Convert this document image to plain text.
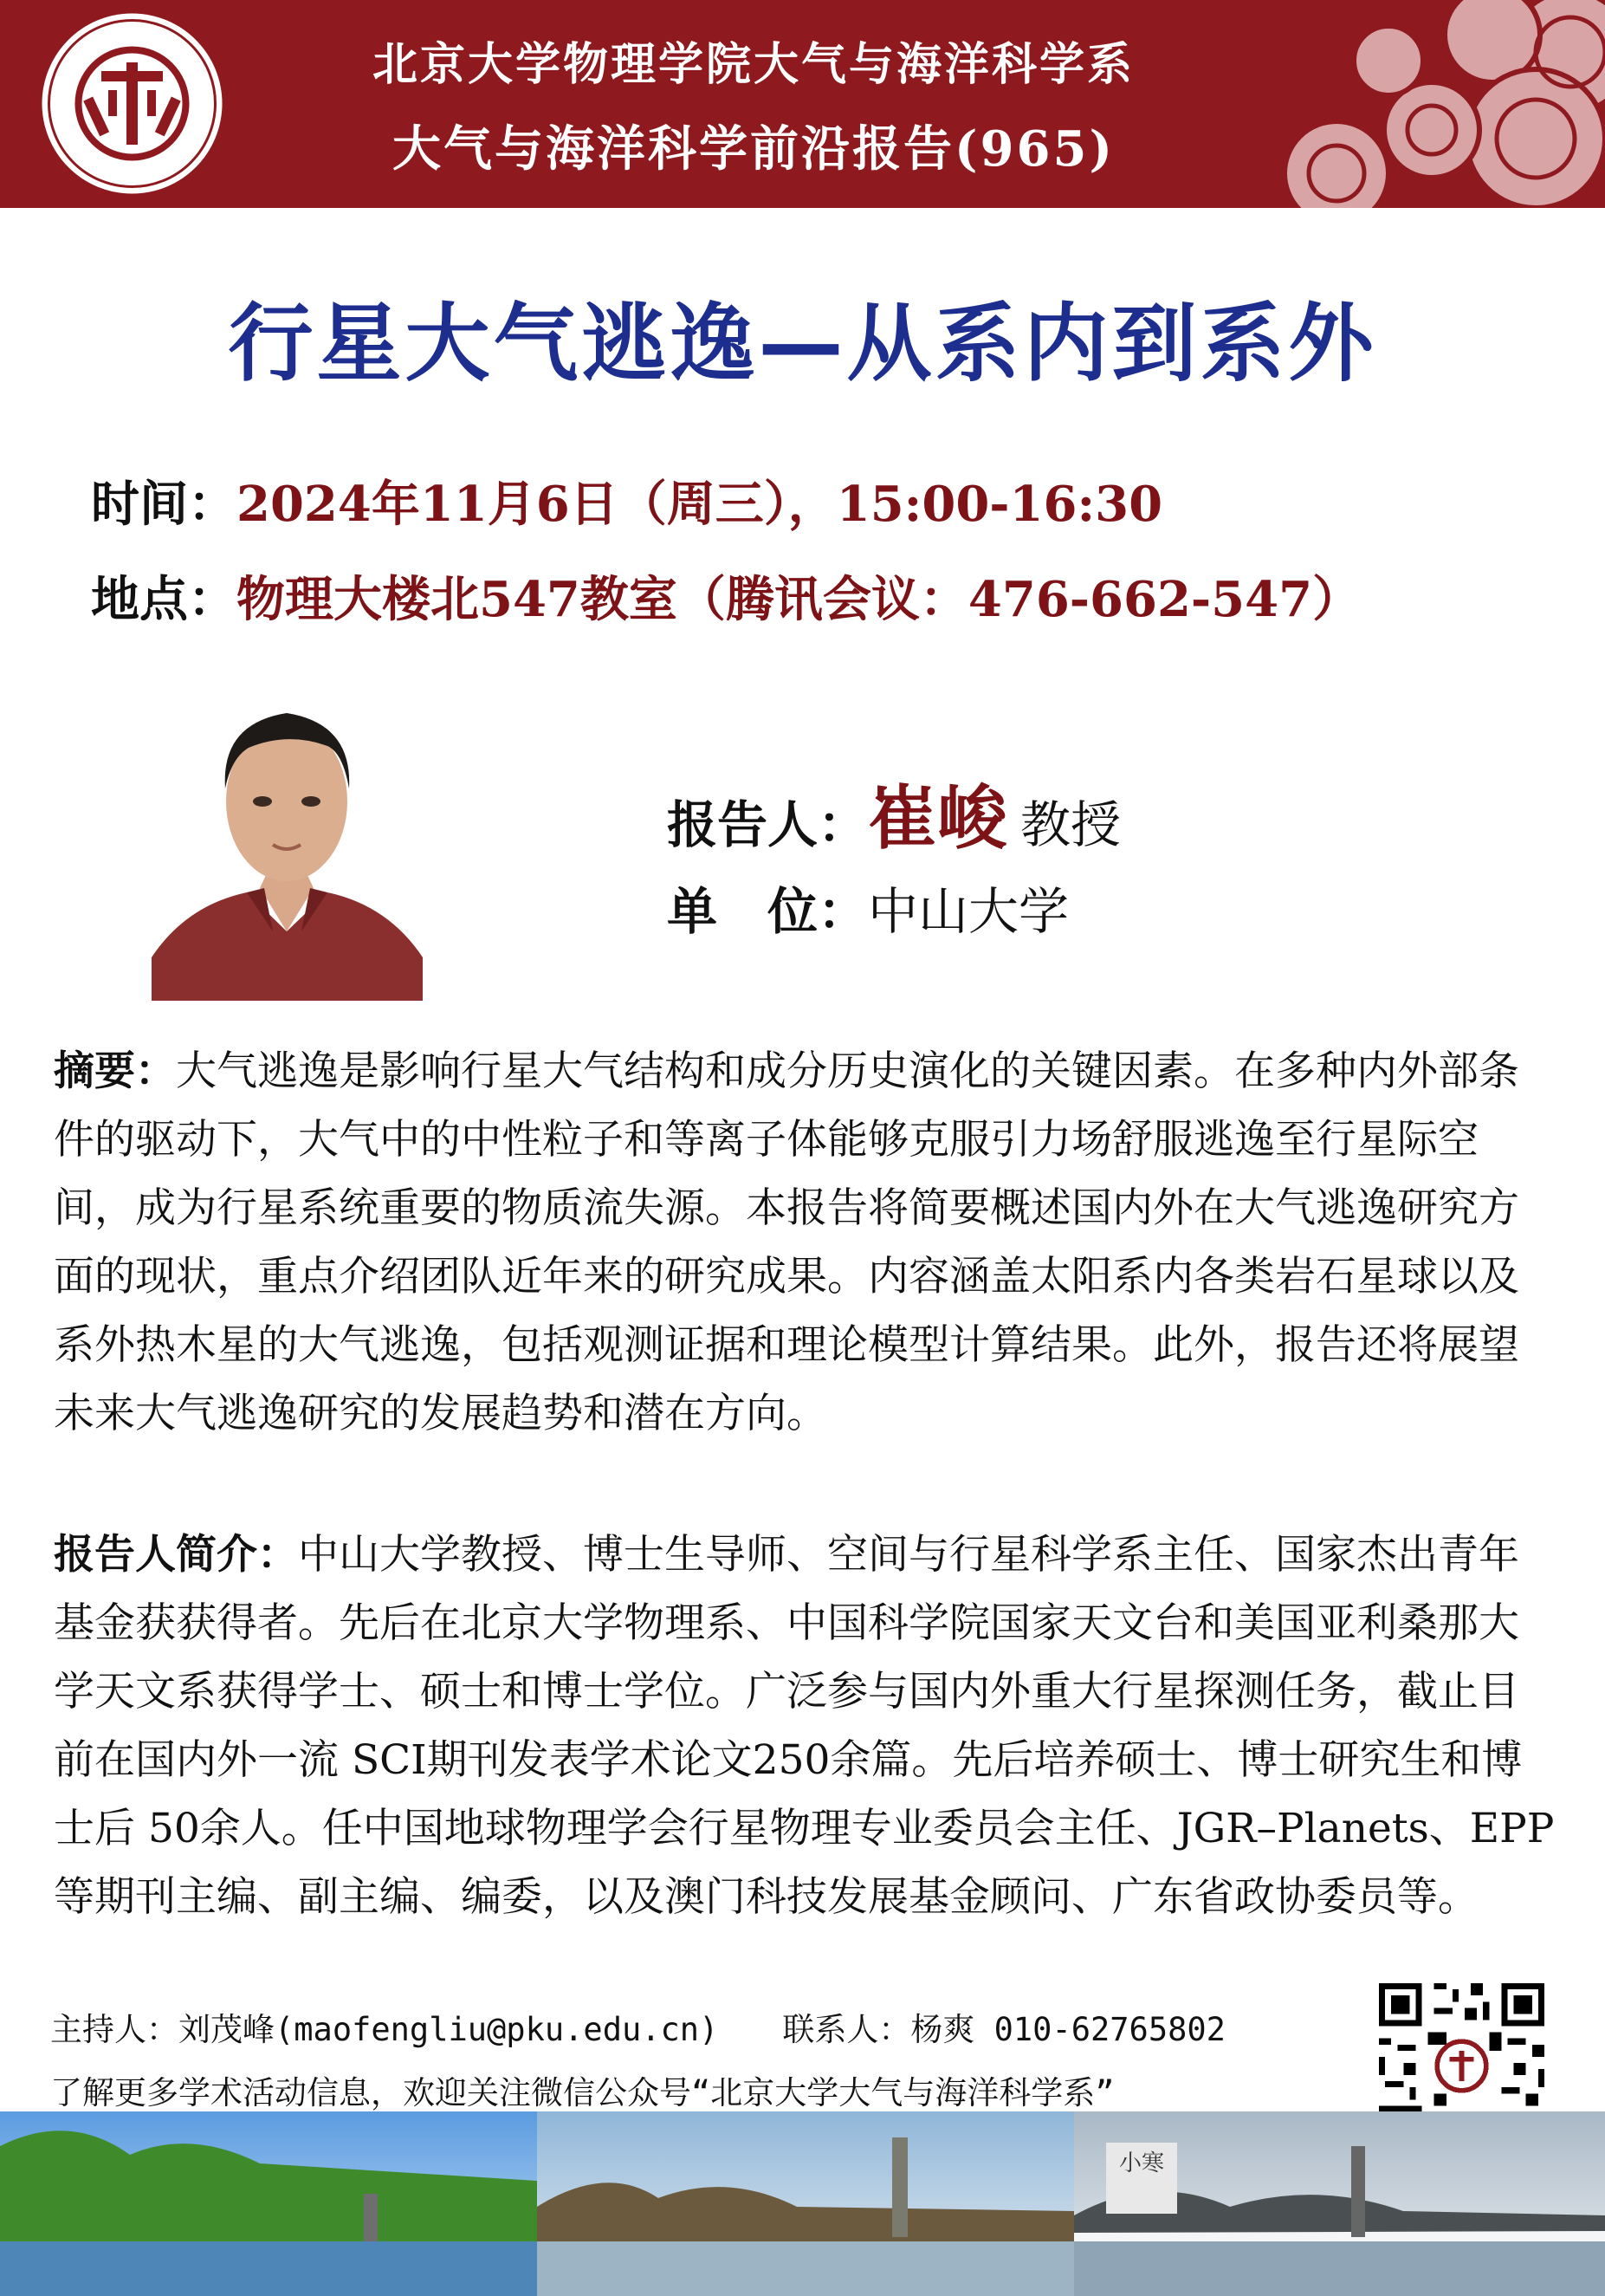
北京大学物理学院大气与海洋科学系
大气与海洋科学前沿报告(965)
行星大气逃逸—从系内到系外
时间：2024年11月6日（周三），15:00-16:30
地点：物理大楼北547教室（腾讯会议：476-662-547）
报告人：崔峻 教授
单　位：中山大学
摘要：大气逃逸是影响行星大气结构和成分历史演化的关键因素。在多种内外部条件的驱动下，大气中的中性粒子和等离子体能够克服引力场舒服逃逸至行星际空间，成为行星系统重要的物质流失源。本报告将简要概述国内外在大气逃逸研究方面的现状，重点介绍团队近年来的研究成果。内容涵盖太阳系内各类岩石星球以及系外热木星的大气逃逸，包括观测证据和理论模型计算结果。此外，报告还将展望未来大气逃逸研究的发展趋势和潜在方向。
报告人简介：中山大学教授、博士生导师、空间与行星科学系主任、国家杰出青年基金获获得者。先后在北京大学物理系、中国科学院国家天文台和美国亚利桑那大学天文系获得学士、硕士和博士学位。广泛参与国内外重大行星探测任务，截止目前在国内外一流 SCI期刊发表学术论文250余篇。先后培养硕士、博士研究生和博士后 50余人。任中国地球物理学会行星物理专业委员会主任、JGR–Planets、EPP等期刊主编、副主编、编委，以及澳门科技发展基金顾问、广东省政协委员等。
主持人：刘茂峰(maofengliu@pku.edu.cn)　　联系人：杨爽 010-62765802
了解更多学术活动信息，欢迎关注微信公众号“北京大学大气与海洋科学系”
小寒
